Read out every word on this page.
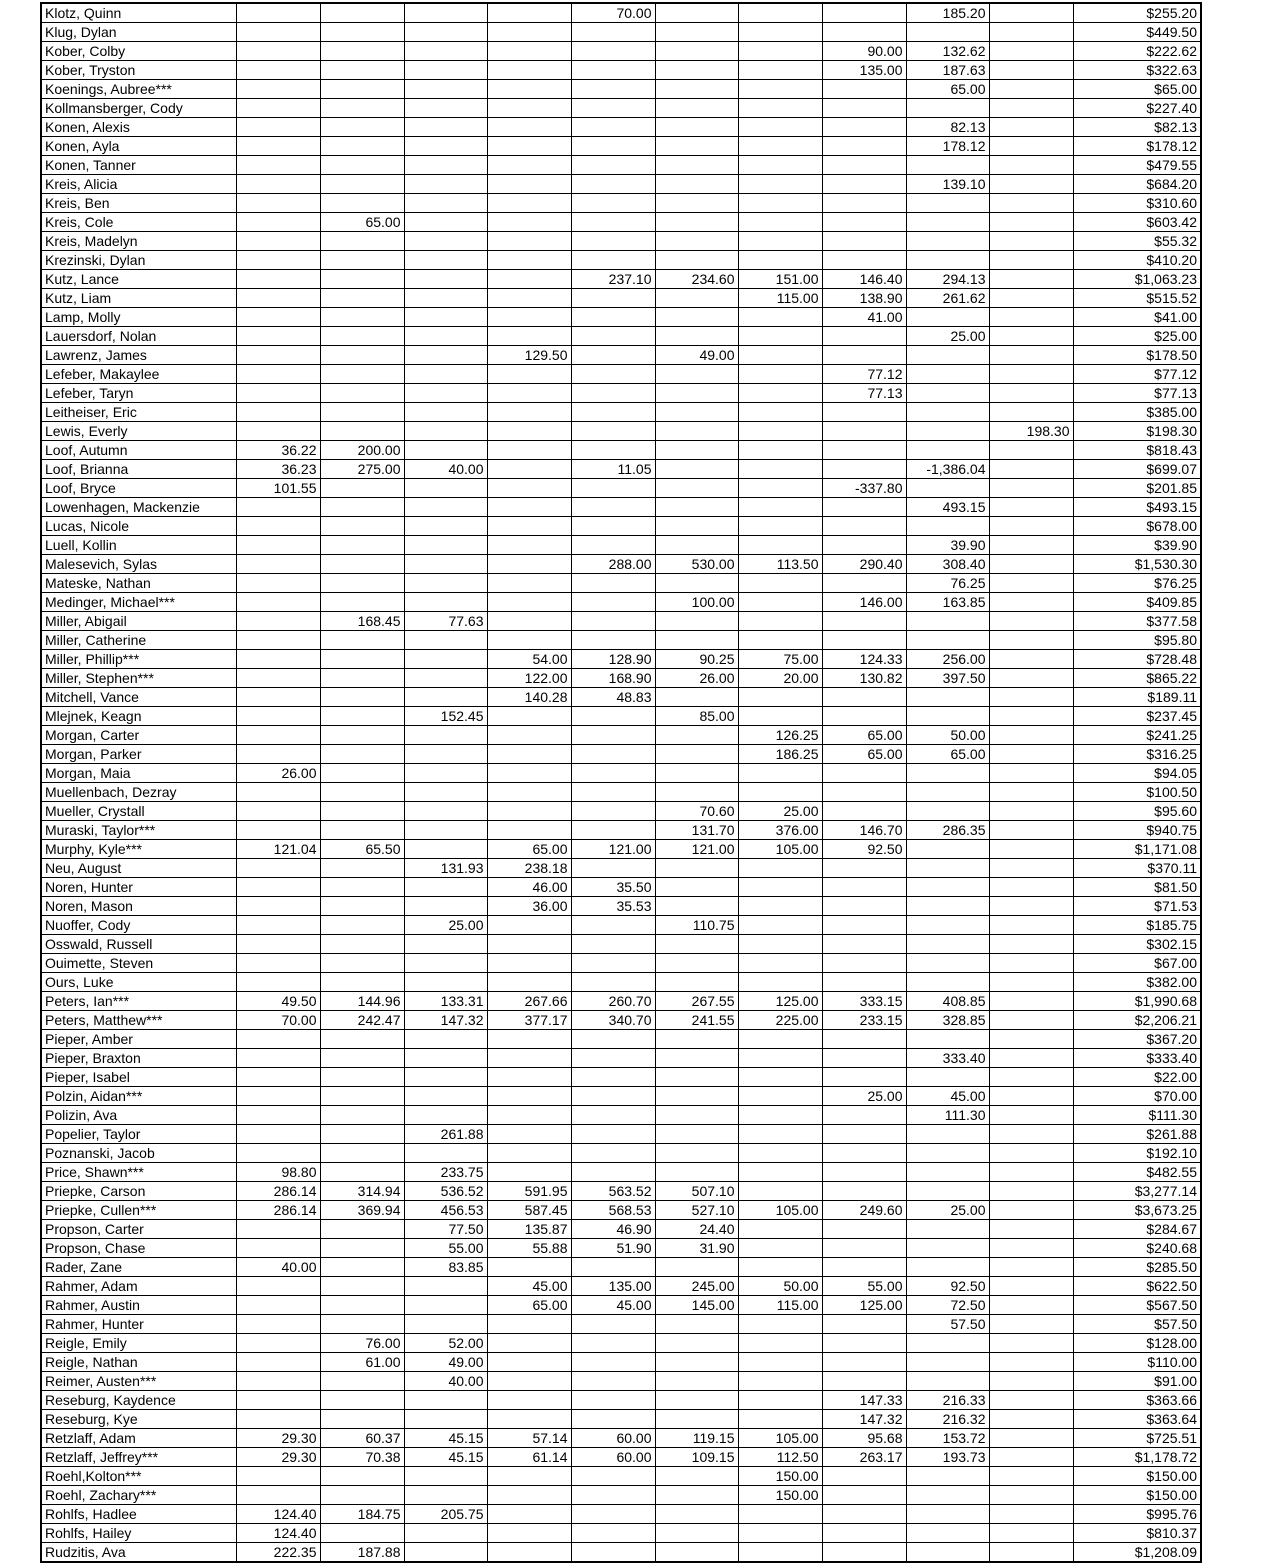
Klotz, Quinn					70.00				185.20		$255.20
Klug, Dylan											$449.50
Kober, Colby								90.00	132.62		$222.62
Kober, Tryston								135.00	187.63		$322.63
Koenings, Aubree***									65.00		$65.00
Kollmansberger, Cody											$227.40
Konen, Alexis									82.13		$82.13
Konen, Ayla									178.12		$178.12
Konen, Tanner											$479.55
Kreis, Alicia									139.10		$684.20
Kreis, Ben											$310.60
Kreis, Cole		65.00									$603.42
Kreis, Madelyn											$55.32
Krezinski, Dylan											$410.20
Kutz, Lance					237.10	234.60	151.00	146.40	294.13		$1,063.23
Kutz, Liam							115.00	138.90	261.62		$515.52
Lamp, Molly								41.00			$41.00
Lauersdorf, Nolan									25.00		$25.00
Lawrenz, James				129.50		49.00					$178.50
Lefeber, Makaylee								77.12			$77.12
Lefeber, Taryn								77.13			$77.13
Leitheiser, Eric											$385.00
Lewis, Everly										198.30	$198.30
Loof, Autumn	36.22	200.00									$818.43
Loof, Brianna	36.23	275.00	40.00		11.05				-1,386.04		$699.07
Loof, Bryce	101.55							-337.80			$201.85
Lowenhagen, Mackenzie									493.15		$493.15
Lucas, Nicole											$678.00
Luell, Kollin									39.90		$39.90
Malesevich, Sylas					288.00	530.00	113.50	290.40	308.40		$1,530.30
Mateske, Nathan									76.25		$76.25
Medinger, Michael***						100.00		146.00	163.85		$409.85
Miller, Abigail		168.45	77.63								$377.58
Miller, Catherine											$95.80
Miller, Phillip***				54.00	128.90	90.25	75.00	124.33	256.00		$728.48
Miller, Stephen***				122.00	168.90	26.00	20.00	130.82	397.50		$865.22
Mitchell, Vance				140.28	48.83						$189.11
Mlejnek, Keagn			152.45			85.00					$237.45
Morgan, Carter							126.25	65.00	50.00		$241.25
Morgan, Parker							186.25	65.00	65.00		$316.25
Morgan, Maia	26.00										$94.05
Muellenbach, Dezray											$100.50
Mueller, Crystall						70.60	25.00				$95.60
Muraski, Taylor***						131.70	376.00	146.70	286.35		$940.75
Murphy, Kyle***	121.04	65.50		65.00	121.00	121.00	105.00	92.50			$1,171.08
Neu, August			131.93	238.18							$370.11
Noren, Hunter				46.00	35.50						$81.50
Noren, Mason				36.00	35.53						$71.53
Nuoffer, Cody			25.00			110.75					$185.75
Osswald, Russell											$302.15
Ouimette, Steven											$67.00
Ours, Luke											$382.00
Peters, Ian***	49.50	144.96	133.31	267.66	260.70	267.55	125.00	333.15	408.85		$1,990.68
Peters, Matthew***	70.00	242.47	147.32	377.17	340.70	241.55	225.00	233.15	328.85		$2,206.21
Pieper, Amber											$367.20
Pieper, Braxton									333.40		$333.40
Pieper, Isabel											$22.00
Polzin, Aidan***								25.00	45.00		$70.00
Polizin, Ava									111.30		$111.30
Popelier, Taylor			261.88								$261.88
Poznanski, Jacob											$192.10
Price, Shawn***	98.80		233.75								$482.55
Priepke, Carson	286.14	314.94	536.52	591.95	563.52	507.10					$3,277.14
Priepke, Cullen***	286.14	369.94	456.53	587.45	568.53	527.10	105.00	249.60	25.00		$3,673.25
Propson, Carter			77.50	135.87	46.90	24.40					$284.67
Propson, Chase			55.00	55.88	51.90	31.90					$240.68
Rader, Zane	40.00		83.85								$285.50
Rahmer, Adam				45.00	135.00	245.00	50.00	55.00	92.50		$622.50
Rahmer, Austin				65.00	45.00	145.00	115.00	125.00	72.50		$567.50
Rahmer, Hunter									57.50		$57.50
Reigle, Emily		76.00	52.00								$128.00
Reigle, Nathan		61.00	49.00								$110.00
Reimer, Austen***			40.00								$91.00
Reseburg, Kaydence								147.33	216.33		$363.66
Reseburg, Kye								147.32	216.32		$363.64
Retzlaff, Adam	29.30	60.37	45.15	57.14	60.00	119.15	105.00	95.68	153.72		$725.51
Retzlaff, Jeffrey***	29.30	70.38	45.15	61.14	60.00	109.15	112.50	263.17	193.73		$1,178.72
Roehl,Kolton***							150.00				$150.00
Roehl, Zachary***							150.00				$150.00
Rohlfs, Hadlee	124.40	184.75	205.75								$995.76
Rohlfs, Hailey	124.40										$810.37
Rudzitis, Ava	222.35	187.88									$1,208.09
